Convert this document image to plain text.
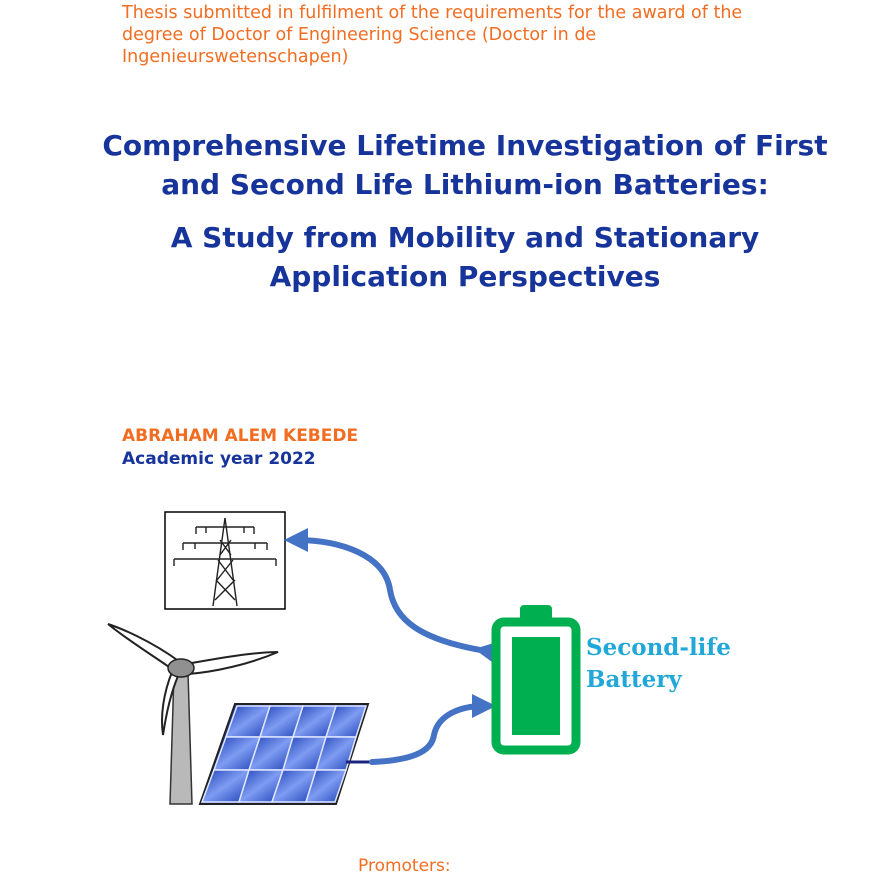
Thesis submitted in fulfilment of the requirements for the award of the
degree of Doctor of Engineering Science (Doctor in de
Ingenieurswetenschapen)
Comprehensive Lifetime Investigation of First
and Second Life Lithium-ion Batteries:
A Study from Mobility and Stationary
Application Perspectives
ABRAHAM ALEM KEBEDE
Academic year 2022
Second-life
Battery
Promoters:
